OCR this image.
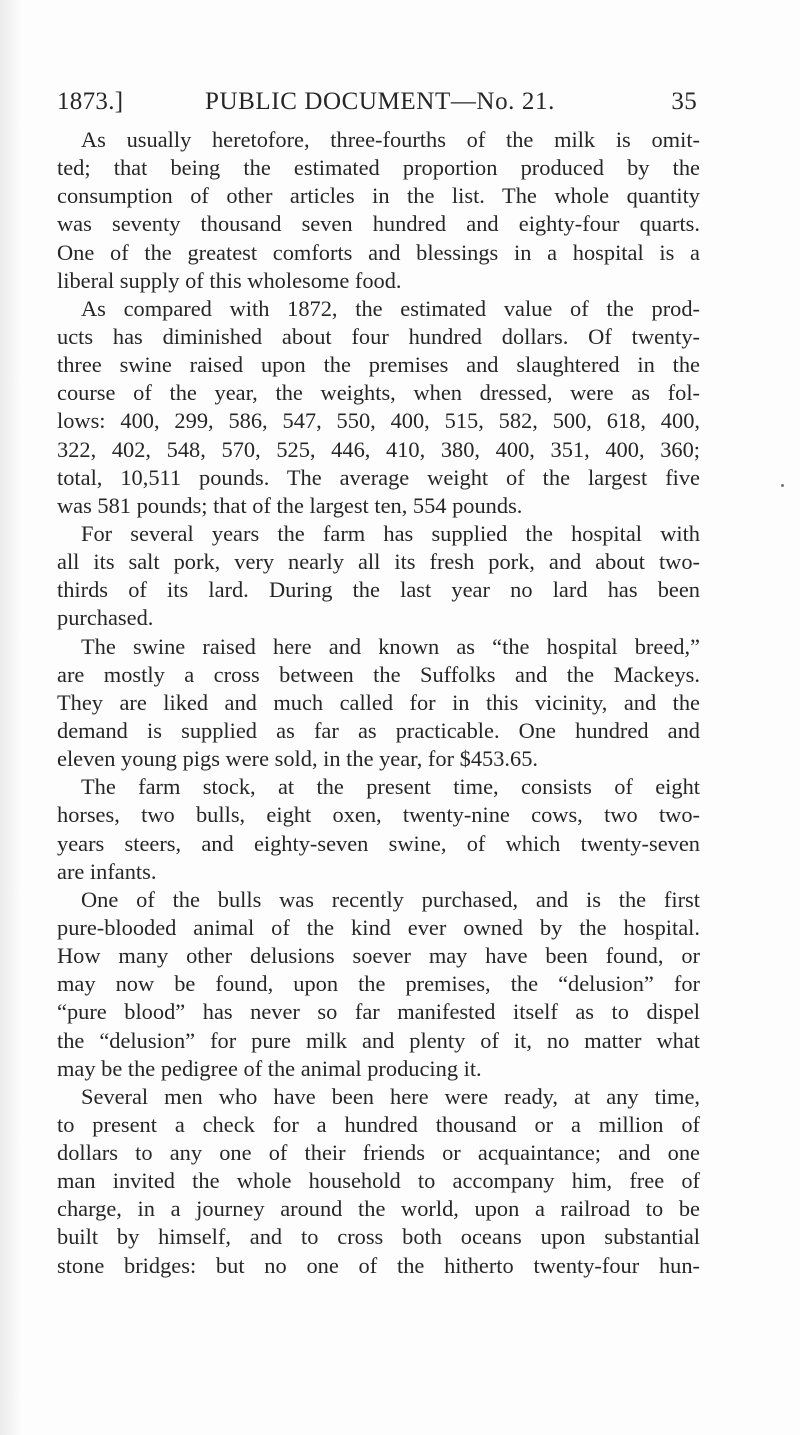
1873.]	PUBLIC DOCUMENT—No. 21.	35
As usually heretofore, three-fourths of the milk is omit-
ted; that being the estimated proportion produced by the
consumption of other articles in the list. The whole quantity
was seventy thousand seven hundred and eighty-four quarts.
One of the greatest comforts and blessings in a hospital is a
liberal supply of this wholesome food.
As compared with 1872, the estimated value of the prod-
ucts has diminished about four hundred dollars. Of twenty-
three swine raised upon the premises and slaughtered in the
course of the year, the weights, when dressed, were as fol-
lows: 400, 299, 586, 547, 550, 400, 515, 582, 500, 618, 400,
322, 402, 548, 570, 525, 446, 410, 380, 400, 351, 400, 360;
total, 10,511 pounds. The average weight of the largest five
was 581 pounds; that of the largest ten, 554 pounds.
For several years the farm has supplied the hospital with
all its salt pork, very nearly all its fresh pork, and about two-
thirds of its lard. During the last year no lard has been
purchased.
The swine raised here and known as “the hospital breed,”
are mostly a cross between the Suffolks and the Mackeys.
They are liked and much called for in this vicinity, and the
demand is supplied as far as practicable. One hundred and
eleven young pigs were sold, in the year, for $453.65.
The farm stock, at the present time, consists of eight
horses, two bulls, eight oxen, twenty-nine cows, two two-
years steers, and eighty-seven swine, of which twenty-seven
are infants.
One of the bulls was recently purchased, and is the first
pure-blooded animal of the kind ever owned by the hospital.
How many other delusions soever may have been found, or
may now be found, upon the premises, the “delusion” for
“pure blood” has never so far manifested itself as to dispel
the “delusion” for pure milk and plenty of it, no matter what
may be the pedigree of the animal producing it.
Several men who have been here were ready, at any time,
to present a check for a hundred thousand or a million of
dollars to any one of their friends or acquaintance; and one
man invited the whole household to accompany him, free of
charge, in a journey around the world, upon a railroad to be
built by himself, and to cross both oceans upon substantial
stone bridges: but no one of the hitherto twenty-four hun-
